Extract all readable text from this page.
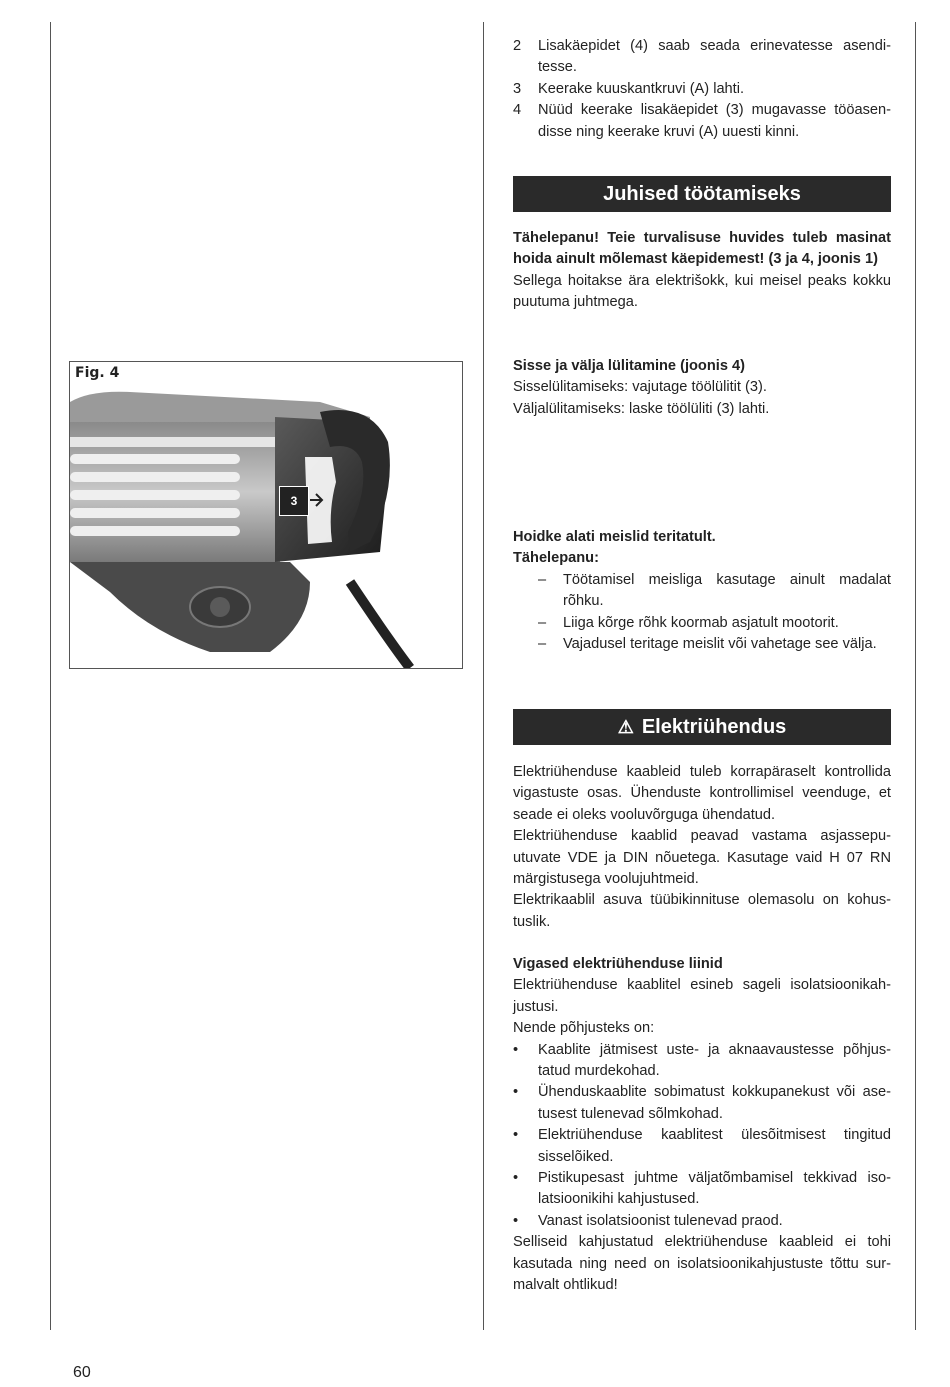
2 Lisakäepidet (4) saab seada erinevatesse asendi-tesse.
3 Keerake kuuskantkruvi (A) lahti.
4 Nüüd keerake lisakäepidet (3) mugavasse tööasen-disse ning keerake kruvi (A) uuesti kinni.
Juhised töötamiseks
Tähelepanu! Teie turvalisuse huvides tuleb masinat hoida ainult mõlemast käepidemest! (3 ja 4, joonis 1)
Sellega hoitakse ära elektrišokk, kui meisel peaks kokku puutuma juhtmega.
Sisse ja välja lülitamine (joonis 4)
Sisselülitamiseks: vajutage töölülitit (3).
Väljalülitamiseks: laske töölüliti (3) lahti.
Hoidke alati meislid teritatult.
Tähelepanu:
– Töötamisel meisliga kasutage ainult madalat rõhku.
– Liiga kõrge rõhk koormab asjatult mootorit.
– Vajadusel teritage meislit või vahetage see välja.
⚠ Elektriühendus
Elektriühenduse kaableid tuleb korrapäraselt kontrollida vigastuste osas. Ühenduste kontrollimisel veenduge, et seade ei oleks vooluvõrguga ühendatud.
Elektriühenduse kaablid peavad vastama asjassepu-utuvate VDE ja DIN nõuetega. Kasutage vaid H 07 RN märgistusega voolujuhtmeid.
Elektrikaablil asuva tüübikinnituse olemasolu on kohus-tuslik.
Vigased elektriühenduse liinid
Elektriühenduse kaablitel esineb sageli isolatsioonikah-justusi.
Nende põhjusteks on:
• Kaablite jätmisest uste- ja aknaavaustesse põhjus-tatud murdekohad.
• Ühenduskaablite sobimatust kokkupanekust või ase-tusest tulenevad sõlmkohad.
• Elektriühenduse kaablitest ülesõitmisest tingitud sisselõiked.
• Pistikupesast juhtme väljatõmbamisel tekkivad iso-latsioonikihi kahjustused.
• Vanast isolatsioonist tulenevad praod.
Selliseid kahjustatud elektriühenduse kaableid ei tohi kasutada ning need on isolatsioonikahjustuste tõttu sur-malvalt ohtlikud!
Fig. 4
3
60
